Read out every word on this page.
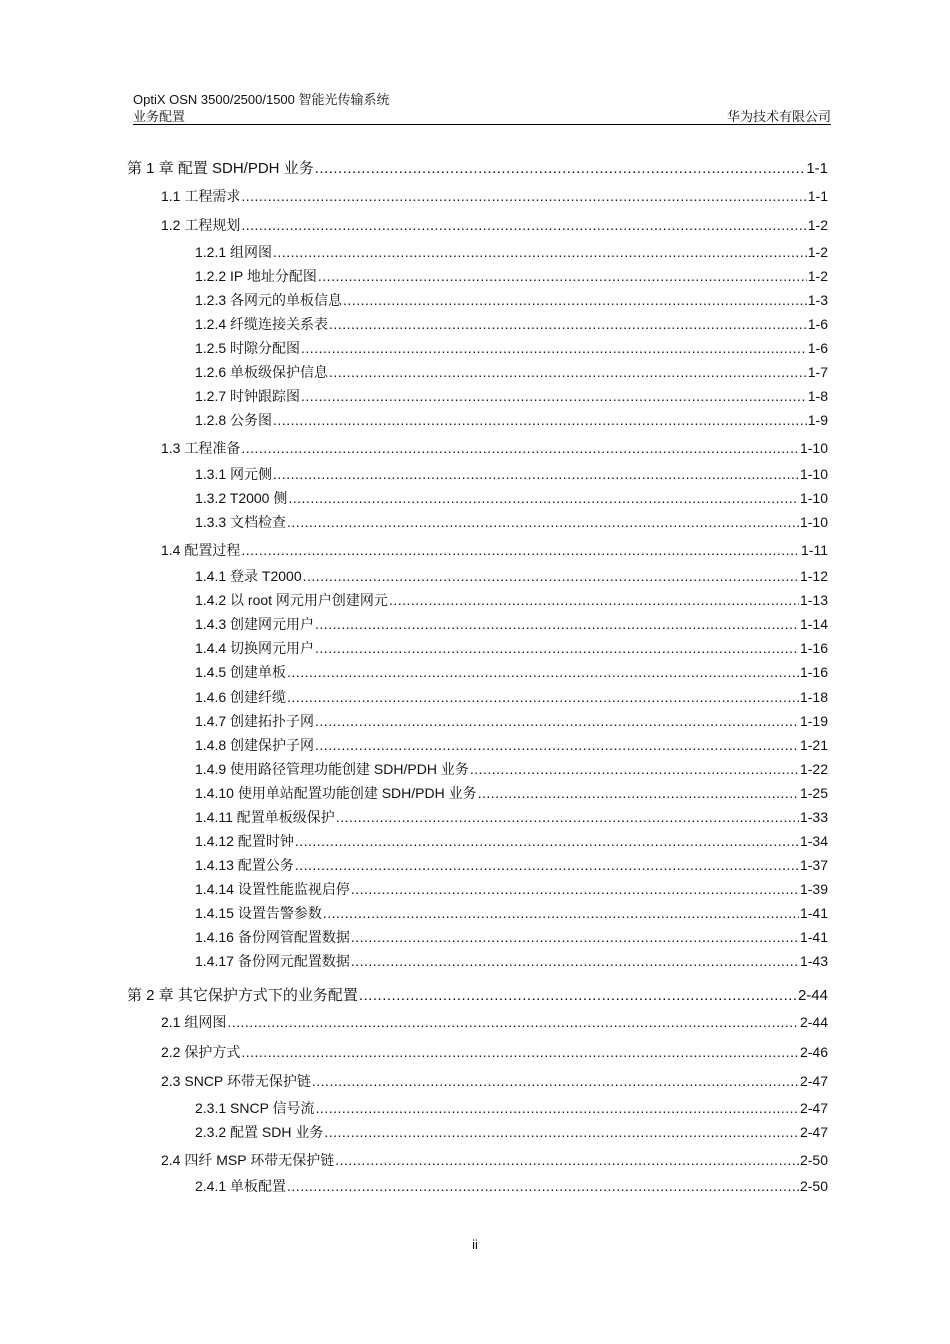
OptiX OSN 3500/2500/1500 智能光传输系统
业务配置	华为技术有限公司
第 1 章 配置 SDH/PDH 业务 .....	1-1
1.1 工程需求 .....	1-1
1.2 工程规划 .....	1-2
1.2.1 组网图 .....	1-2
1.2.2 IP 地址分配图 .....	1-2
1.2.3 各网元的单板信息 .....	1-3
1.2.4 纤缆连接关系表 .....	1-6
1.2.5 时隙分配图 .....	1-6
1.2.6 单板级保护信息 .....	1-7
1.2.7 时钟跟踪图 .....	1-8
1.2.8 公务图 .....	1-9
1.3 工程准备 .....	1-10
1.3.1 网元侧 .....	1-10
1.3.2 T2000 侧 .....	1-10
1.3.3 文档检查 .....	1-10
1.4 配置过程 .....	1-11
1.4.1 登录 T2000 .....	1-12
1.4.2 以 root 网元用户创建网元 .....	1-13
1.4.3 创建网元用户 .....	1-14
1.4.4 切换网元用户 .....	1-16
1.4.5 创建单板 .....	1-16
1.4.6 创建纤缆 .....	1-18
1.4.7 创建拓扑子网 .....	1-19
1.4.8 创建保护子网 .....	1-21
1.4.9 使用路径管理功能创建 SDH/PDH 业务 .....	1-22
1.4.10 使用单站配置功能创建 SDH/PDH 业务 .....	1-25
1.4.11 配置单板级保护 .....	1-33
1.4.12 配置时钟 .....	1-34
1.4.13 配置公务 .....	1-37
1.4.14 设置性能监视启停 .....	1-39
1.4.15 设置告警参数 .....	1-41
1.4.16 备份网管配置数据 .....	1-41
1.4.17 备份网元配置数据 .....	1-43
第 2 章 其它保护方式下的业务配置 .....	2-44
2.1 组网图 .....	2-44
2.2 保护方式 .....	2-46
2.3 SNCP 环带无保护链 .....	2-47
2.3.1 SNCP 信号流 .....	2-47
2.3.2 配置 SDH 业务 .....	2-47
2.4 四纤 MSP 环带无保护链 .....	2-50
2.4.1 单板配置 .....	2-50
ii
